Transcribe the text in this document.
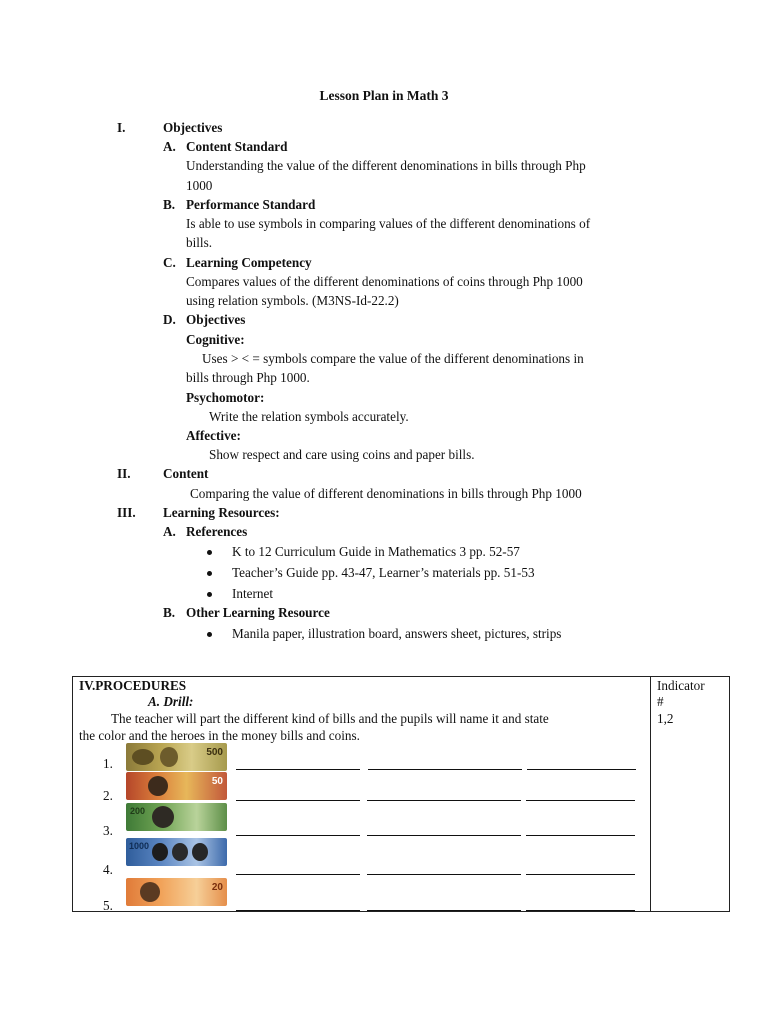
Lesson Plan in Math 3
I.	Objectives
A. Content Standard
Understanding the value of the different denominations in bills through Php
1000
B. Performance Standard
Is able to use symbols in comparing values of the different denominations of
bills.
C. Learning Competency
Compares values of the different denominations of coins through Php 1000
using relation symbols. (M3NS-Id-22.2)
D. Objectives
Cognitive:
Uses > < = symbols compare the value of the different denominations in
bills through Php 1000.
Psychomotor:
Write the relation symbols accurately.
Affective:
Show respect and care using coins and paper bills.
II. Content
Comparing the value of different denominations in bills through Php 1000
III. Learning Resources:
A. References
K to 12 Curriculum Guide in Mathematics 3 pp. 52-57
Teacher’s Guide pp. 43-47, Learner’s materials pp. 51-53
Internet
B. Other Learning Resource
Manila paper, illustration board, answers sheet, pictures, strips
IV.PROCEDURES
A. Drill:
The teacher will part the different kind of bills and the pupils will name it and state
the color and the heroes in the money bills and coins.
Indicator
#
1,2
1.
2.
3.
4.
5.
500
50
200
1000
20
